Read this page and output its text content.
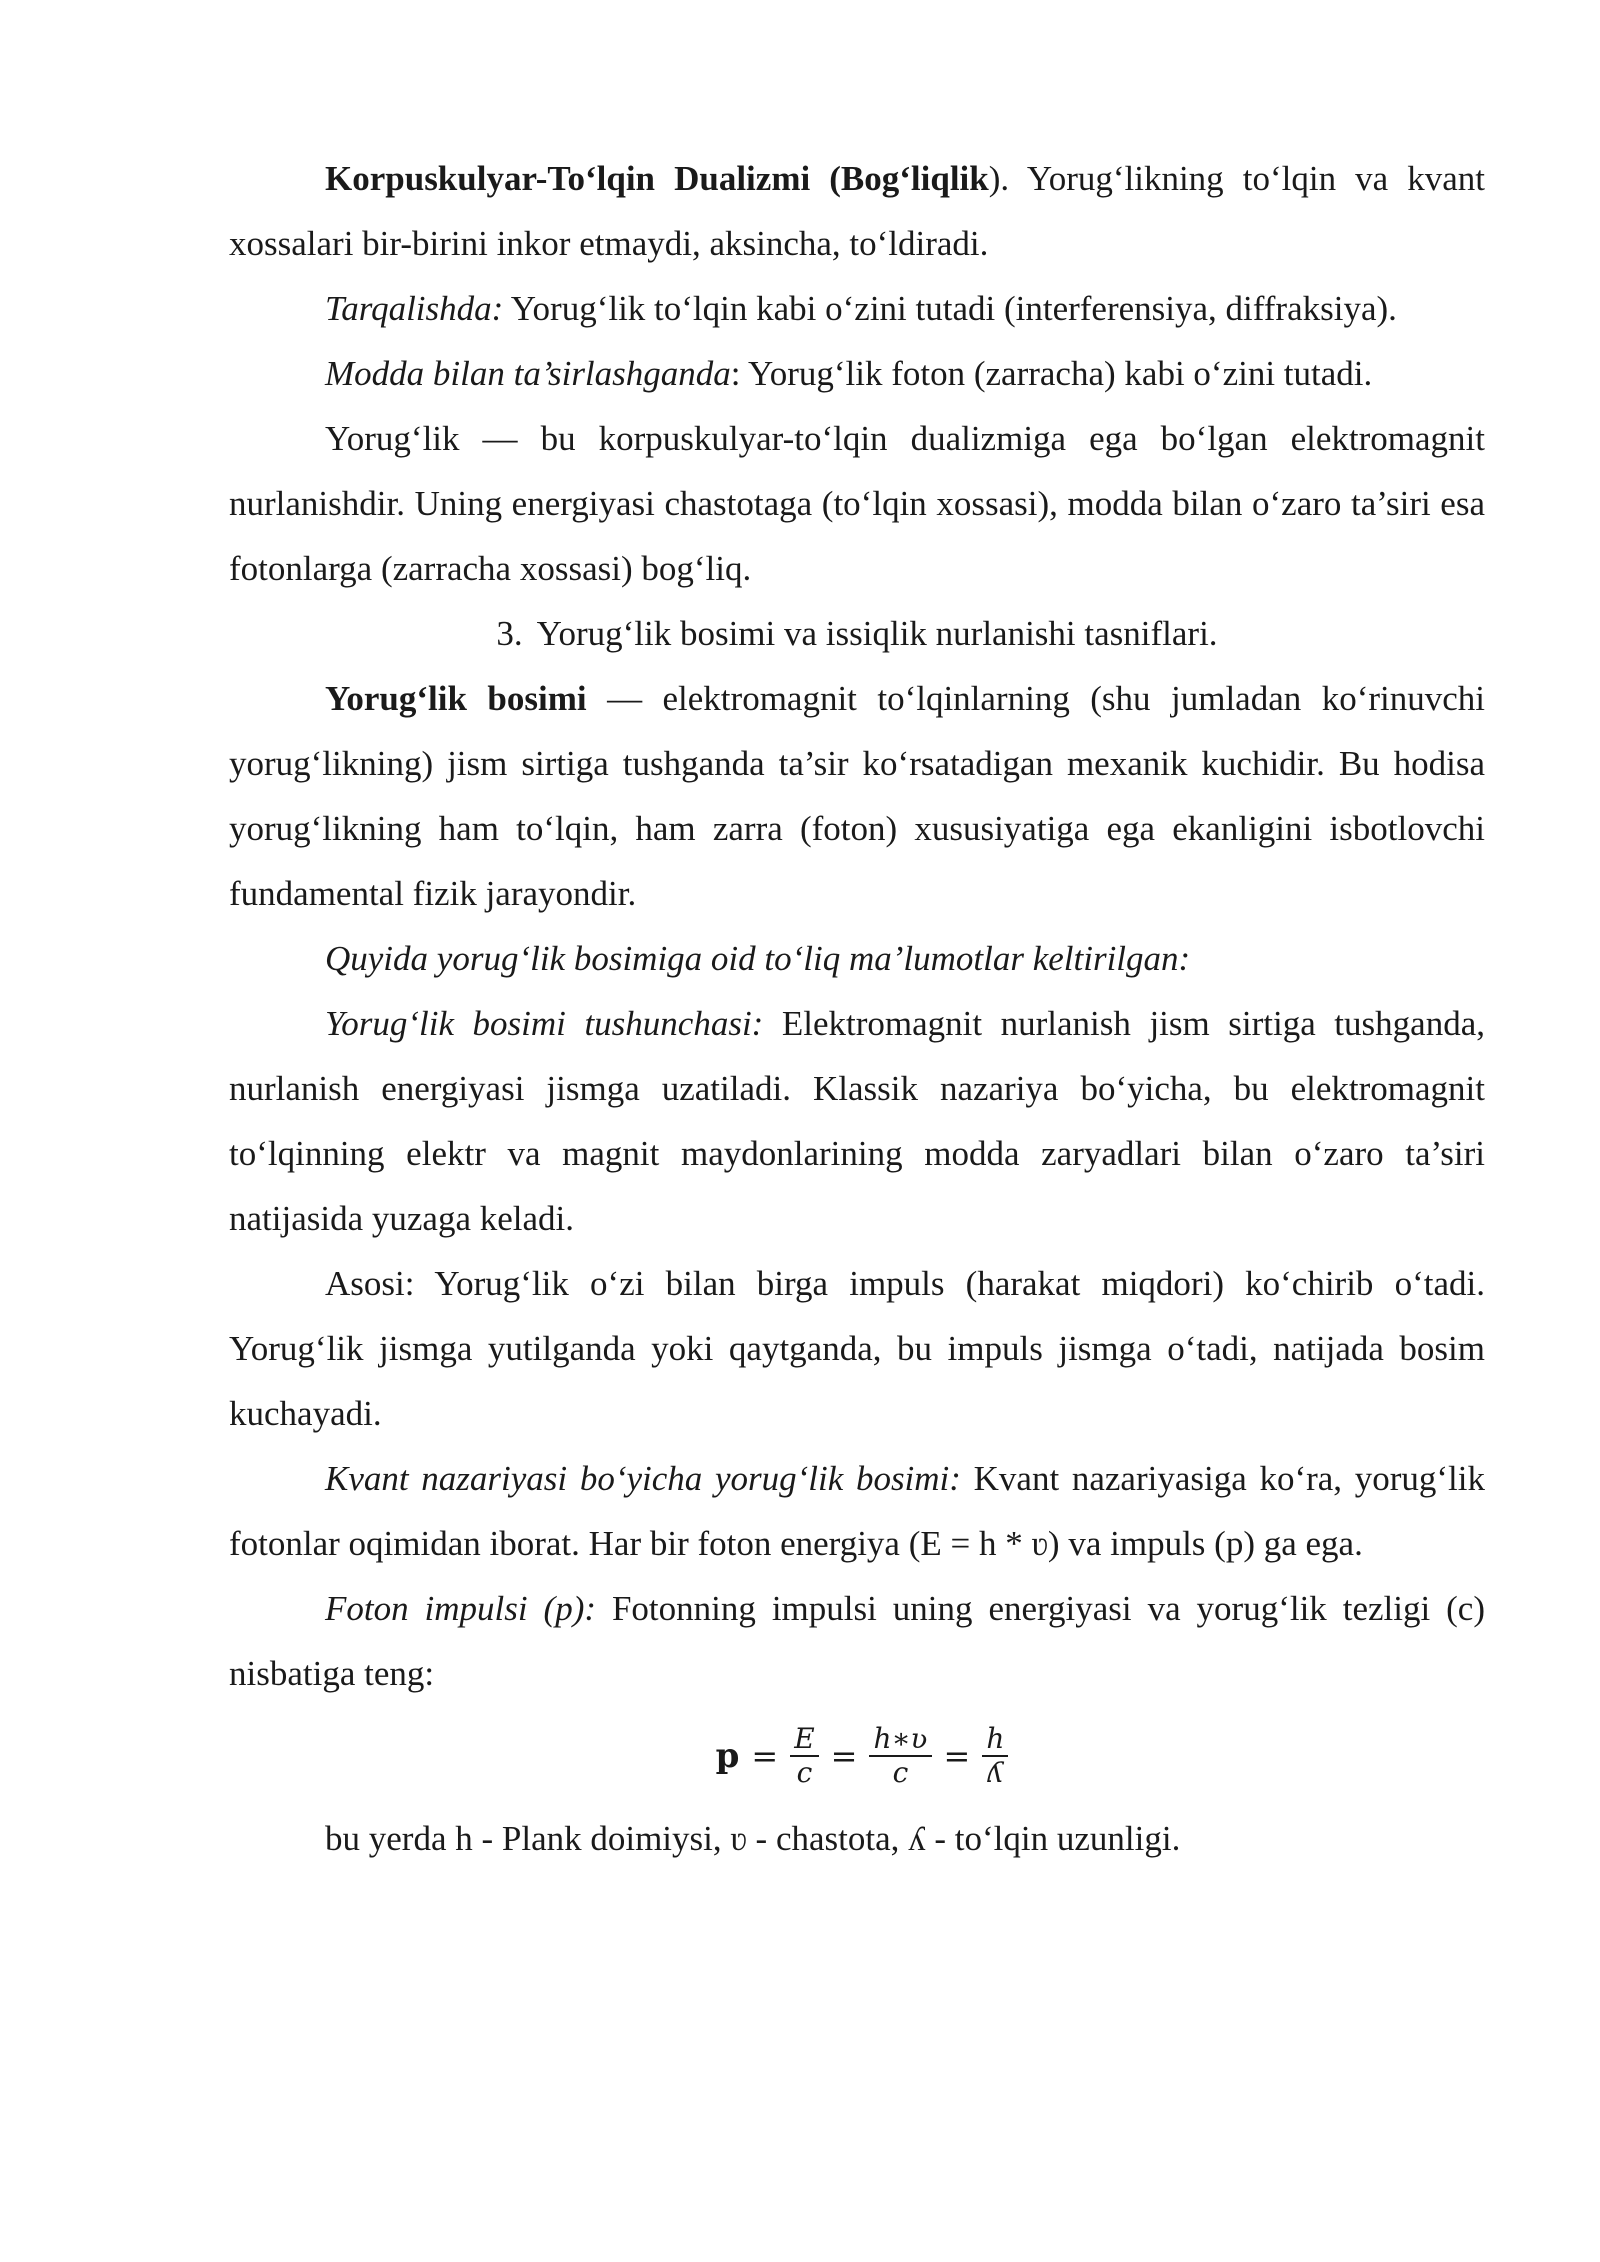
Korpuskulyar-To‘lqin Dualizmi (Bog‘liqlik). Yorug‘likning to‘lqin va kvant xossalari bir-birini inkor etmaydi, aksincha, to‘ldiradi.

Tarqalishda: Yorug‘lik to‘lqin kabi o‘zini tutadi (interferensiya, diffraksiya).

Modda bilan ta’sirlashganda: Yorug‘lik foton (zarracha) kabi o‘zini tutadi.

Yorug‘lik — bu korpuskulyar-to‘lqin dualizmiga ega bo‘lgan elektromagnit nurlanishdir. Uning energiyasi chastotaga (to‘lqin xossasi), modda bilan o‘zaro ta’siri esa fotonlarga (zarracha xossasi) bog‘liq.

3. Yorug‘lik bosimi va issiqlik nurlanishi tasniflari.

Yorug‘lik bosimi — elektromagnit to‘lqinlarning (shu jumladan ko‘rinuvchi yorug‘likning) jism sirtiga tushganda ta’sir ko‘rsatadigan mexanik kuchidir. Bu hodisa yorug‘likning ham to‘lqin, ham zarra (foton) xususiyatiga ega ekanligini isbotlovchi fundamental fizik jarayondir.

Quyida yorug‘lik bosimiga oid to‘liq ma’lumotlar keltirilgan:

Yorug‘lik bosimi tushunchasi: Elektromagnit nurlanish jism sirtiga tushganda, nurlanish energiyasi jismga uzatiladi. Klassik nazariya bo‘yicha, bu elektromagnit to‘lqinning elektr va magnit maydonlarining modda zaryadlari bilan o‘zaro ta’siri natijasida yuzaga keladi.

Asosi: Yorug‘lik o‘zi bilan birga impuls (harakat miqdori) ko‘chirib o‘tadi. Yorug‘lik jismga yutilganda yoki qaytganda, bu impuls jismga o‘tadi, natijada bosim kuchayadi.

Kvant nazariyasi bo‘yicha yorug‘lik bosimi: Kvant nazariyasiga ko‘ra, yorug‘lik fotonlar oqimidan iborat. Har bir foton energiya (E = h * ʋ) va impuls (p) ga ega.

Foton impulsi (p): Fotonning impulsi uning energiyasi va yorug‘lik tezligi (c) nisbatiga teng:

$p = \frac{E}{c} = \frac{\text{h∗ʋ}}{c} = \frac{h}{\text{ʎ}}$

bu yerda h - Plank doimiysi, ʋ - chastota, ʎ - to‘lqin uzunligi.
